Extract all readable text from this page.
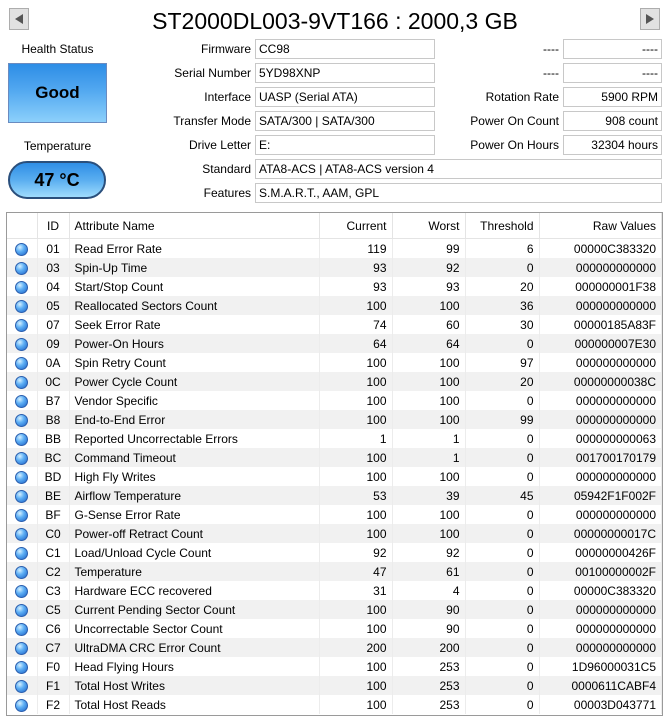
ST2000DL003-9VT166 : 2000,3 GB
Health Status
Good
Temperature
47 °C
Firmware CC98
Serial Number 5YD98XNP
Interface UASP (Serial ATA)
Transfer Mode SATA/300 | SATA/300
Drive Letter E:
Standard ATA8-ACS | ATA8-ACS version 4
Features S.M.A.R.T., AAM, GPL
----	----
----	----
Rotation Rate	5900 RPM
Power On Count	908 count
Power On Hours	32304 hours
	ID	Attribute Name	Current	Worst	Threshold	Raw Values
	01	Read Error Rate	119	99	6	00000C383320
	03	Spin-Up Time	93	92	0	000000000000
	04	Start/Stop Count	93	93	20	000000001F38
	05	Reallocated Sectors Count	100	100	36	000000000000
	07	Seek Error Rate	74	60	30	00000185A83F
	09	Power-On Hours	64	64	0	000000007E30
	0A	Spin Retry Count	100	100	97	000000000000
	0C	Power Cycle Count	100	100	20	00000000038C
	B7	Vendor Specific	100	100	0	000000000000
	B8	End-to-End Error	100	100	99	000000000000
	BB	Reported Uncorrectable Errors	1	1	0	000000000063
	BC	Command Timeout	100	1	0	001700170179
	BD	High Fly Writes	100	100	0	000000000000
	BE	Airflow Temperature	53	39	45	05942F1F002F
	BF	G-Sense Error Rate	100	100	0	000000000000
	C0	Power-off Retract Count	100	100	0	00000000017C
	C1	Load/Unload Cycle Count	92	92	0	00000000426F
	C2	Temperature	47	61	0	00100000002F
	C3	Hardware ECC recovered	31	4	0	00000C383320
	C5	Current Pending Sector Count	100	90	0	000000000000
	C6	Uncorrectable Sector Count	100	90	0	000000000000
	C7	UltraDMA CRC Error Count	200	200	0	000000000000
	F0	Head Flying Hours	100	253	0	1D96000031C5
	F1	Total Host Writes	100	253	0	0000611CABF4
	F2	Total Host Reads	100	253	0	00003D043771
